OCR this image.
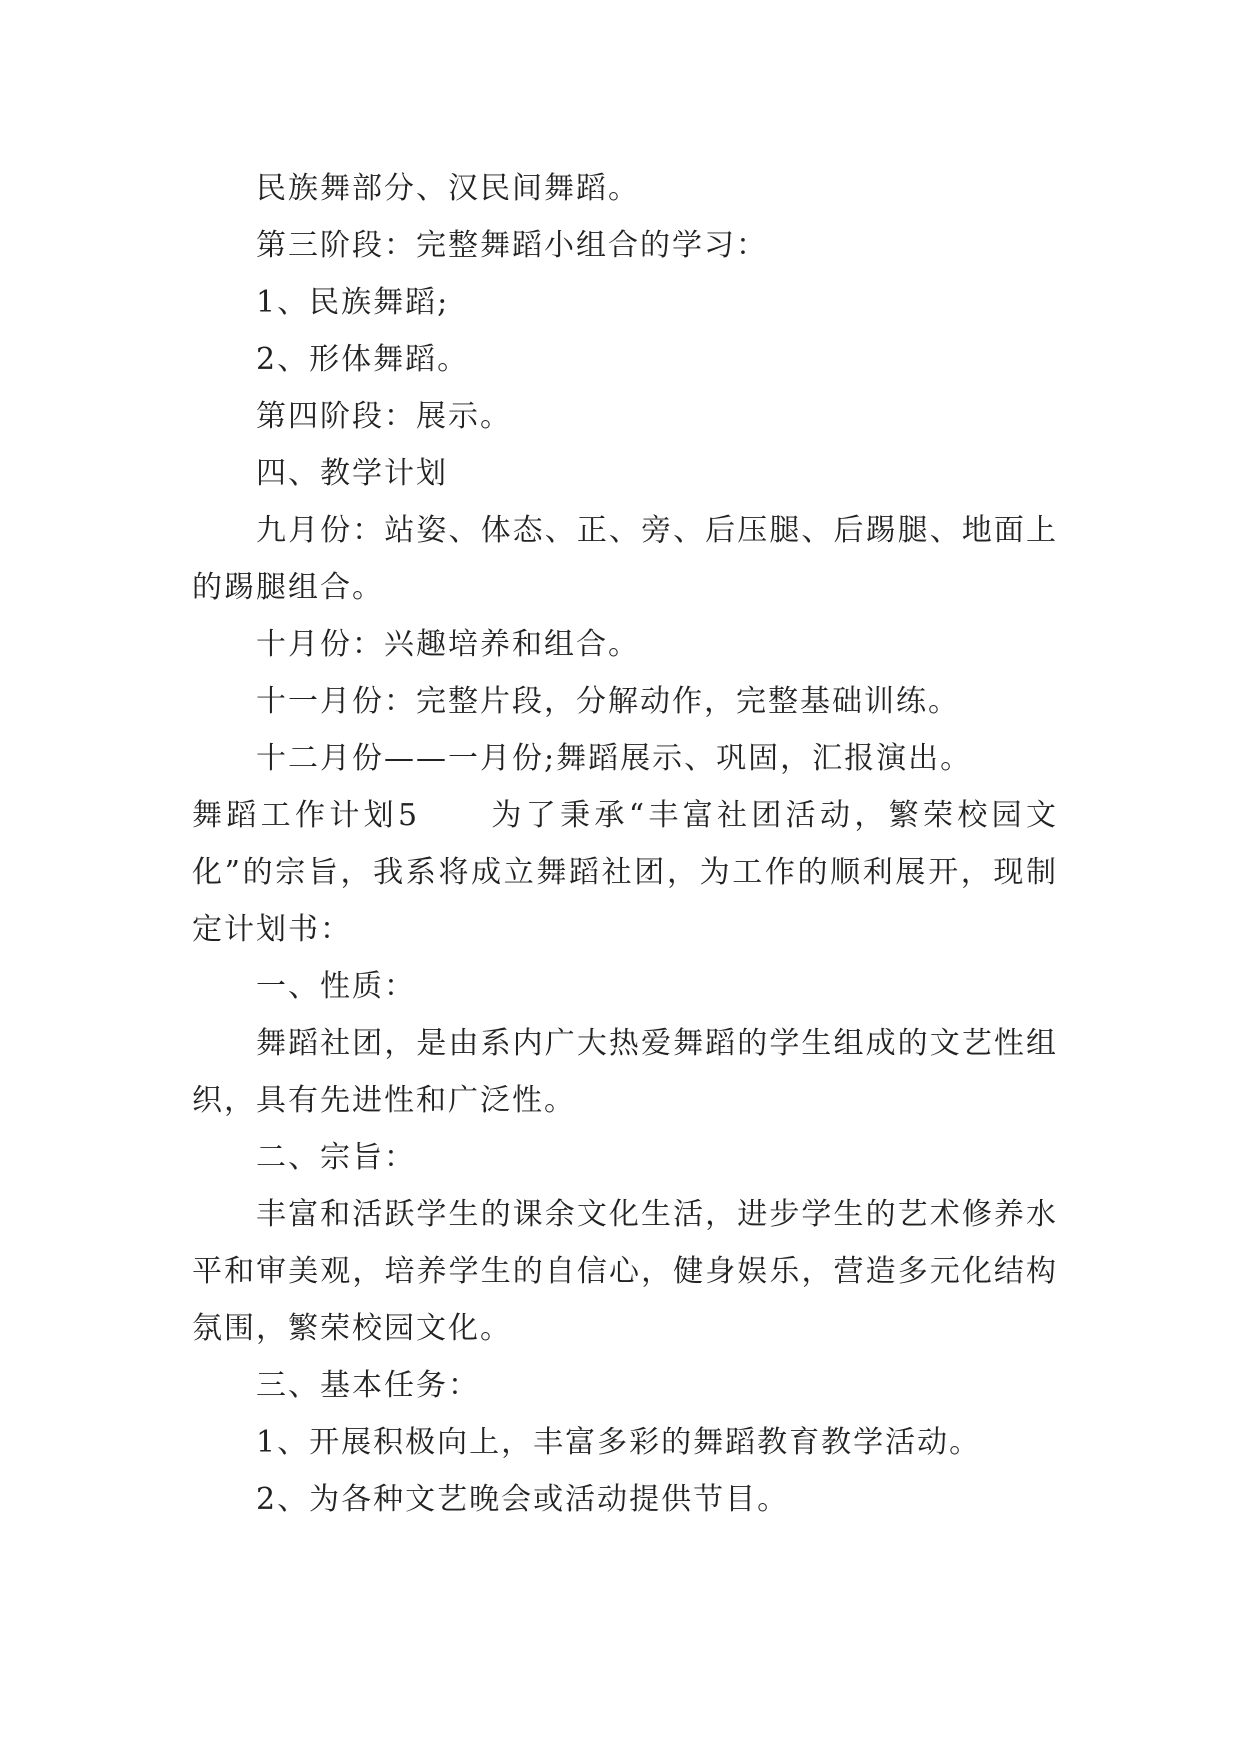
民族舞部分、汉民间舞蹈。

第三阶段：完整舞蹈小组合的学习：

1、民族舞蹈;

2、形体舞蹈。

第四阶段：展示。

四、教学计划

九月份：站姿、体态、正、旁、后压腿、后踢腿、地面上的踢腿组合。

十月份：兴趣培养和组合。

十一月份：完整片段，分解动作，完整基础训练。

十二月份——一月份;舞蹈展示、巩固，汇报演出。

舞蹈工作计划5 为了秉承“丰富社团活动，繁荣校园文化”的宗旨，我系将成立舞蹈社团，为工作的顺利展开，现制定计划书：

一、性质：

舞蹈社团，是由系内广大热爱舞蹈的学生组成的文艺性组织，具有先进性和广泛性。

二、宗旨：

丰富和活跃学生的课余文化生活，进步学生的艺术修养水平和审美观，培养学生的自信心，健身娱乐，营造多元化结构氛围，繁荣校园文化。

三、基本任务：

1、开展积极向上，丰富多彩的舞蹈教育教学活动。

2、为各种文艺晚会或活动提供节目。
